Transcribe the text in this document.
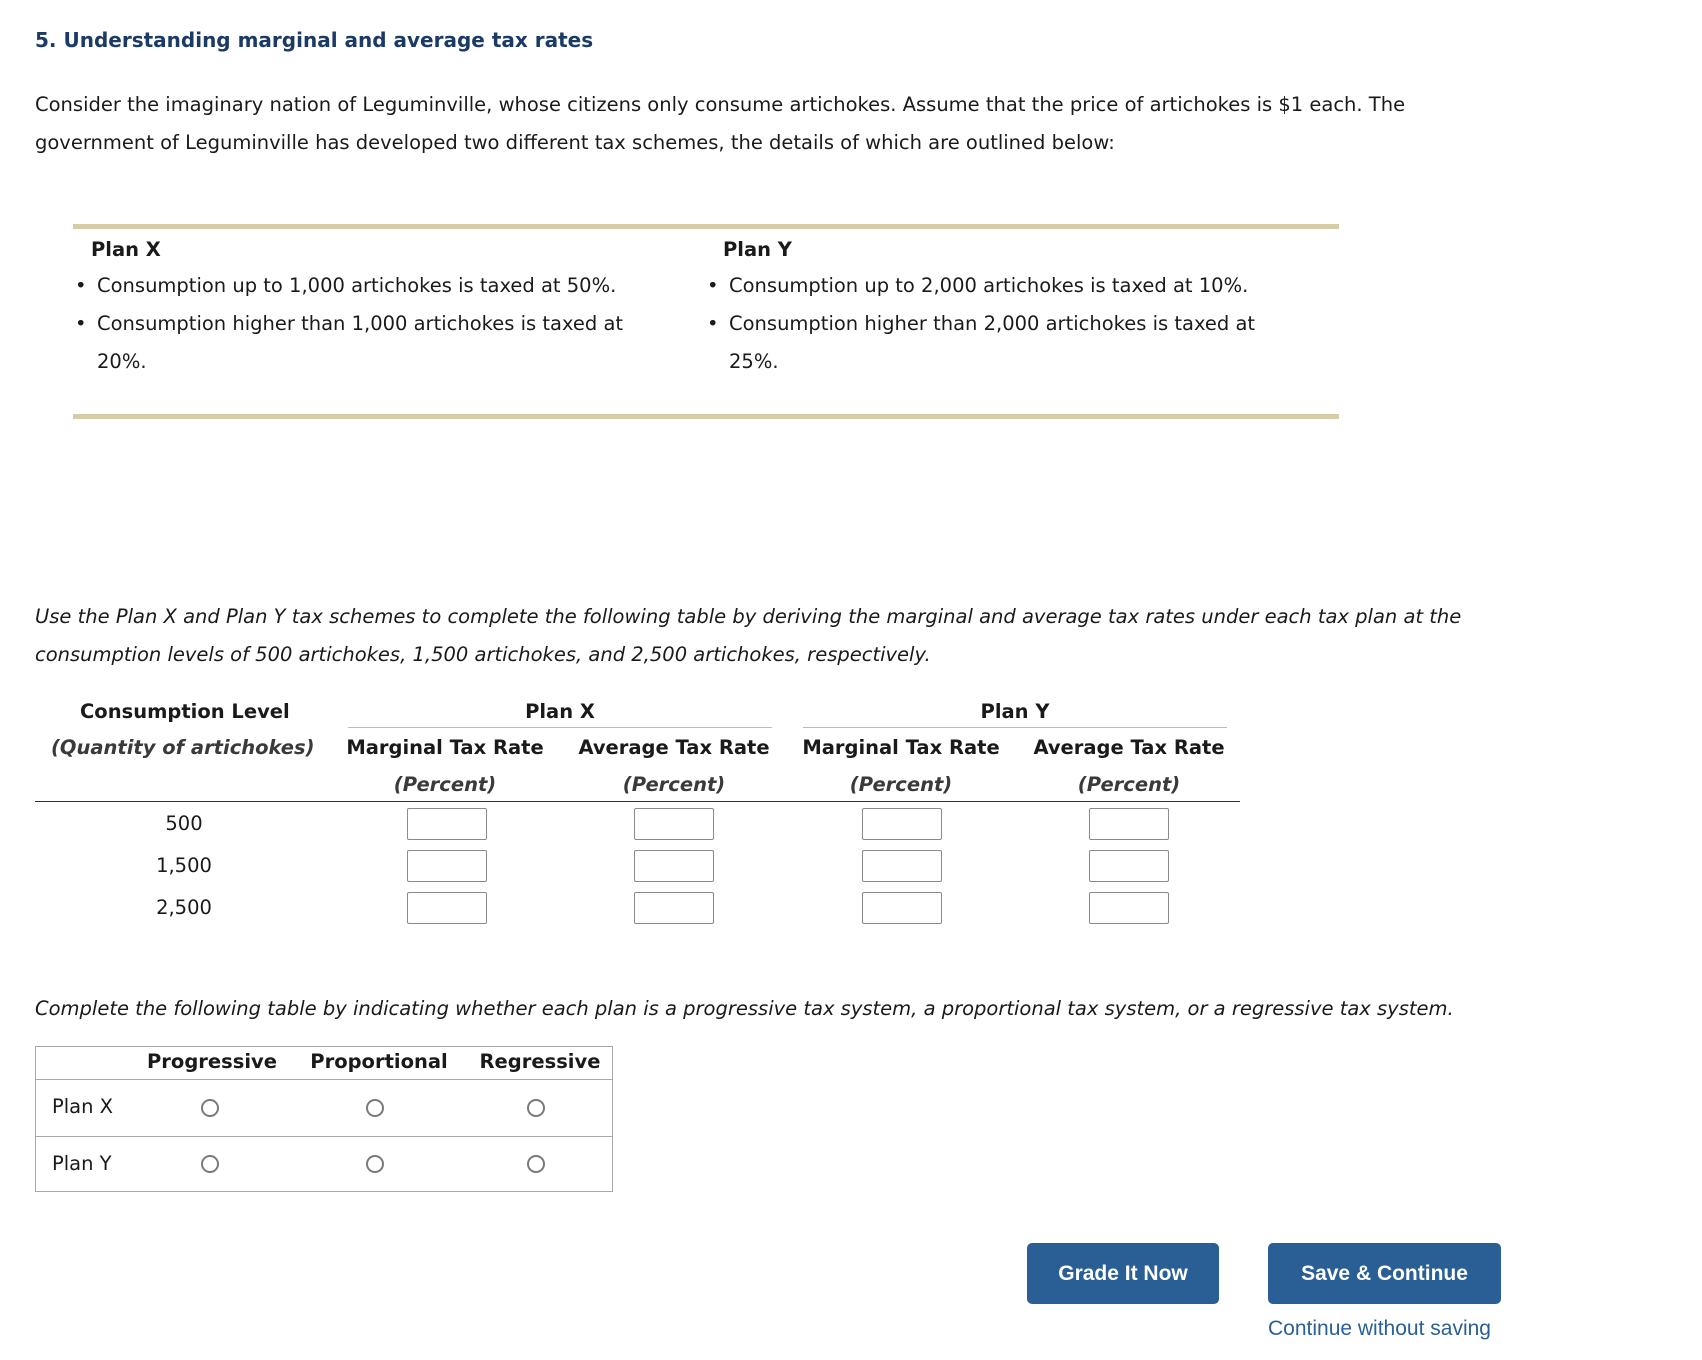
5. Understanding marginal and average tax rates
Consider the imaginary nation of Leguminville, whose citizens only consume artichokes. Assume that the price of artichokes is $1 each. The government of Leguminville has developed two different tax schemes, the details of which are outlined below:
Plan X
• Consumption up to 1,000 artichokes is taxed at 50%.
• Consumption higher than 1,000 artichokes is taxed at 20%.
Plan Y
• Consumption up to 2,000 artichokes is taxed at 10%.
• Consumption higher than 2,000 artichokes is taxed at 25%.
Use the Plan X and Plan Y tax schemes to complete the following table by deriving the marginal and average tax rates under each tax plan at the consumption levels of 500 artichokes, 1,500 artichokes, and 2,500 artichokes, respectively.
Consumption Level
(Quantity of artichokes)
Plan X	Plan Y
Marginal Tax Rate	Average Tax Rate	Marginal Tax Rate	Average Tax Rate
(Percent)	(Percent)	(Percent)	(Percent)
500
1,500
2,500
Complete the following table by indicating whether each plan is a progressive tax system, a proportional tax system, or a regressive tax system.
Progressive	Proportional	Regressive
Plan X
Plan Y
Grade It Now	Save & Continue
Continue without saving
